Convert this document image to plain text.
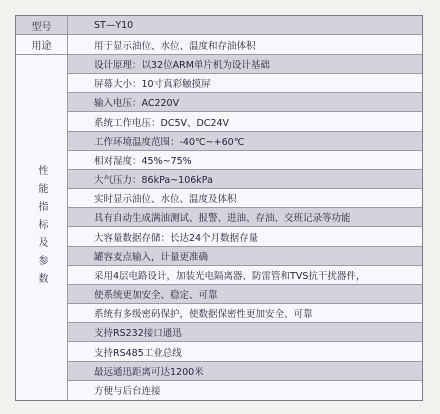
型号	ST—Y10
用途	用于显示油位、水位、温度和存油体积
性能指标及参数
设计原理：以32位ARM单片机为设计基础
屏幕大小：10寸真彩触摸屏
输入电压：AC220V
系统工作电压：DC5V、DC24V
工作环境温度范围：-40℃~+60℃
相对湿度：45%~75%
大气压力：86kPa~106kPa
实时显示油位、水位、温度及体积
具有自动生成满油测试、报警、进油、存油、交班记录等功能
大容量数据存储：长达24个月数据存量
罐容麦点输入，计量更准确
采用4层电路设计，加装光电隔离器、防雷管和TVS抗干扰器件，
使系统更加安全、稳定、可靠
系统有多级密码保护，使数据保密性更加安全、可靠
支持RS232接口通迅
支持RS485工业总线
最远通迅距离可达1200米
方便与后台连接
